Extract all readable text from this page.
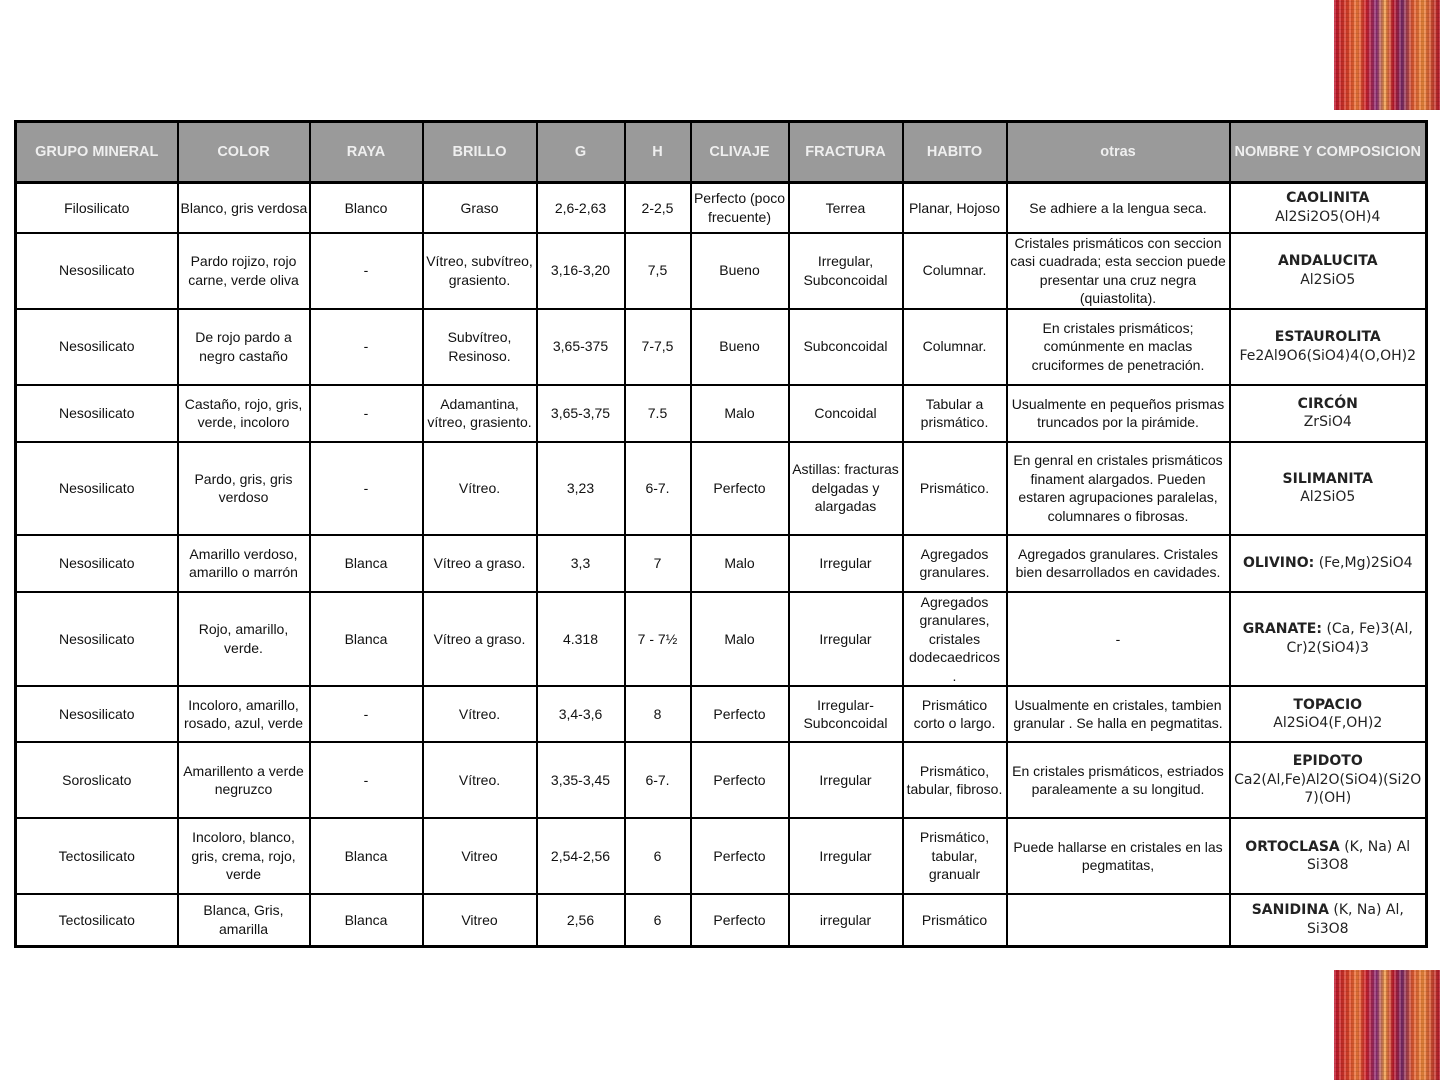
GRUPO MINERAL	COLOR	RAYA	BRILLO	G	H	CLIVAJE	FRACTURA	HABITO	otras	NOMBRE Y COMPOSICION
Filosilicato	Blanco, gris verdosa	Blanco	Graso	2,6-2,63	2-2,5	Perfecto (poco frecuente)	Terrea	Planar, Hojoso	Se adhiere a la lengua seca.	CAOLINITA
Al2Si2O5(OH)4

Nesosilicato	Pardo rojizo, rojo carne, verde oliva	-	Vítreo, subvítreo, grasiento.	3,16-3,20	7,5	Bueno	Irregular, Subconcoidal	Columnar.	Cristales prismáticos con seccion casi cuadrada; esta seccion puede presentar una cruz negra (quiastolita).	ANDALUCITA
Al2SiO5

Nesosilicato	De rojo pardo a negro castaño	-	Subvítreo, Resinoso.	3,65-375	7-7,5	Bueno	Subconcoidal	Columnar.	En cristales prismáticos; comúnmente en maclas cruciformes de penetración.	ESTAUROLITA
Fe2Al9O6(SiO4)4(O,OH)2

Nesosilicato	Castaño, rojo, gris, verde, incoloro	-	Adamantina, vítreo, grasiento.	3,65-3,75	7.5	Malo	Concoidal	Tabular a prismático.	Usualmente en pequeños prismas truncados por la pirámide.	CIRCÓN
ZrSiO4

Nesosilicato	Pardo, gris, gris verdoso	-	Vítreo.	3,23	6-7.	Perfecto	Astillas: fracturas delgadas y alargadas	Prismático.	En genral en cristales prismáticos finament alargados. Pueden estaren agrupaciones paralelas, columnares o fibrosas.	SILIMANITA
Al2SiO5

Nesosilicato	Amarillo verdoso, amarillo o marrón	Blanca	Vítreo a graso.	3,3	7	Malo	Irregular	Agregados granulares.	Agregados granulares. Cristales bien desarrollados en cavidades.	OLIVINO: (Fe,Mg)2SiO4
Nesosilicato	Rojo, amarillo, verde.	Blanca	Vítreo a graso.	4.318	7 - 7½	Malo	Irregular	Agregados granulares, cristales dodecaedricos .	-	GRANATE: (Ca, Fe)3(Al, Cr)2(SiO4)3
Nesosilicato	Incoloro, amarillo, rosado, azul, verde	-	Vítreo.	3,4-3,6	8	Perfecto	Irregular-Subconcoidal	Prismático corto o largo.	Usualmente en cristales, tambien granular . Se halla en pegmatitas.	TOPACIO
Al2SiO4(F,OH)2

Soroslicato	Amarillento a verde negruzco	-	Vítreo.	3,35-3,45	6-7.	Perfecto	Irregular	Prismático, tabular, fibroso.	En cristales prismáticos, estriados paraleamente a su longitud.	EPIDOTO
Ca2(Al,Fe)Al2O(SiO4)(Si2O7)(OH)

Tectosilicato	Incoloro, blanco, gris, crema, rojo, verde	Blanca	Vitreo	2,54-2,56	6	Perfecto	Irregular	Prismático, tabular, granualr	Puede hallarse en cristales en las pegmatitas,	ORTOCLASA (K, Na) Al Si3O8
Tectosilicato	Blanca, Gris, amarilla	Blanca	Vitreo	2,56	6	Perfecto	irregular	Prismático		SANIDINA (K, Na) Al, Si3O8
